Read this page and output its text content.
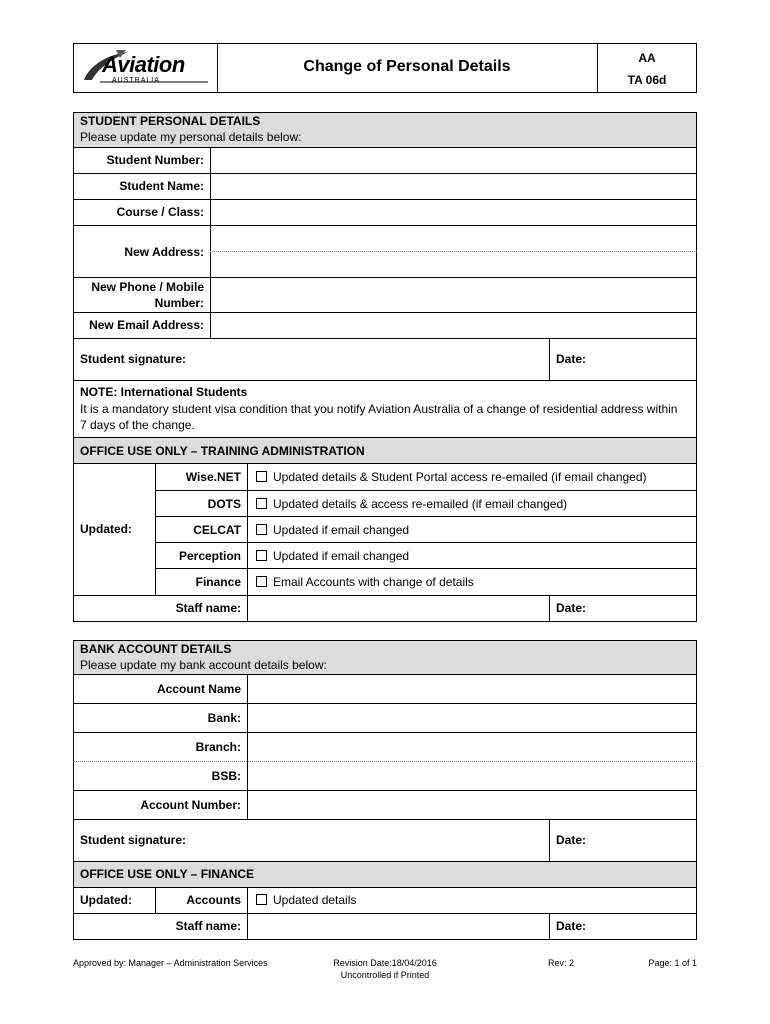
Aviation
AUSTRALIA
Change of Personal Details	AA
TA 06d
STUDENT PERSONAL DETAILS
Please update my personal details below:
Student Number:
Student Name:
Course / Class:
New Address:
New Phone / Mobile
Number:
New Email Address:
Student signature:	Date:
NOTE: International Students
It is a mandatory student visa condition that you notify Aviation Australia of a change of residential address within 7 days of the change.
OFFICE USE ONLY – TRAINING ADMINISTRATION
Updated:
Wise.NET	Updated details & Student Portal access re-emailed (if email changed)
DOTS	Updated details & access re-emailed (if email changed)
CELCAT	Updated if email changed
Perception	Updated if email changed
Finance	Email Accounts with change of details
Staff name:	Date:
BANK ACCOUNT DETAILS
Please update my bank account details below:
Account Name
Bank:
Branch:
BSB:
Account Number:
Student signature:	Date:
OFFICE USE ONLY – FINANCE
Updated:	Accounts	Updated details
Staff name:	Date:
Approved by: Manager – Administration Services	Revision Date:18/04/2016
Uncontrolled if Printed
Rev: 2	Page: 1 of 1
